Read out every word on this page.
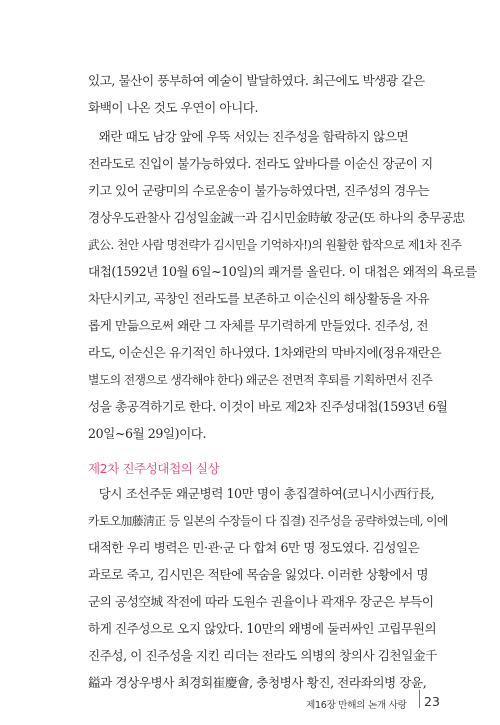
있고, 물산이 풍부하여 예술이 발달하였다. 최근에도 박생광 같은
화백이 나온 것도 우연이 아니다.
왜란 때도 남강 앞에 우뚝 서있는 진주성을 함락하지 않으면
전라도로 진입이 불가능하였다. 전라도 앞바다를 이순신 장군이 지
키고 있어 군량미의 수로운송이 불가능하였다면, 진주성의 경우는
경상우도관찰사 김성일金誠一과 김시민金時敏 장군(또 하나의 충무공忠
武公. 천안 사람 명전략가 김시민을 기억하자!)의 원활한 합작으로 제1차 진주
대첩(1592년 10월 6일~10일)의 쾌거를 올린다. 이 대첩은 왜적의 욕로를
차단시키고, 곡창인 전라도를 보존하고 이순신의 해상활동을 자유
롭게 만듦으로써 왜란 그 자체를 무기력하게 만들었다. 진주성, 전
라도, 이순신은 유기적인 하나였다. 1차왜란의 막바지에(정유재란은
별도의 전쟁으로 생각해야 한다) 왜군은 전면적 후퇴를 기획하면서 진주
성을 총공격하기로 한다. 이것이 바로 제2차 진주성대첩(1593년 6월
20일~6월 29일)이다.
제2차 진주성대첩의 실상
당시 조선주둔 왜군병력 10만 명이 총집결하여(코니시小西行長,
카토오加藤淸正 등 일본의 수장들이 다 집결) 진주성을 공략하였는데, 이에
대적한 우리 병력은 민·관·군 다 합쳐 6만 명 정도였다. 김성일은
과로로 죽고, 김시민은 적탄에 목숨을 잃었다. 이러한 상황에서 명
군의 공성空城 작전에 따라 도원수 권율이나 곽재우 장군은 부득이
하게 진주성으로 오지 않았다. 10만의 왜병에 둘러싸인 고립무원의
진주성, 이 진주성을 지킨 리더는 전라도 의병의 창의사 김천일金千
鎰과 경상우병사 최경회崔慶會, 충청병사 황진, 전라좌의병 장윤,
제16장 만해의 논개 사랑 23
